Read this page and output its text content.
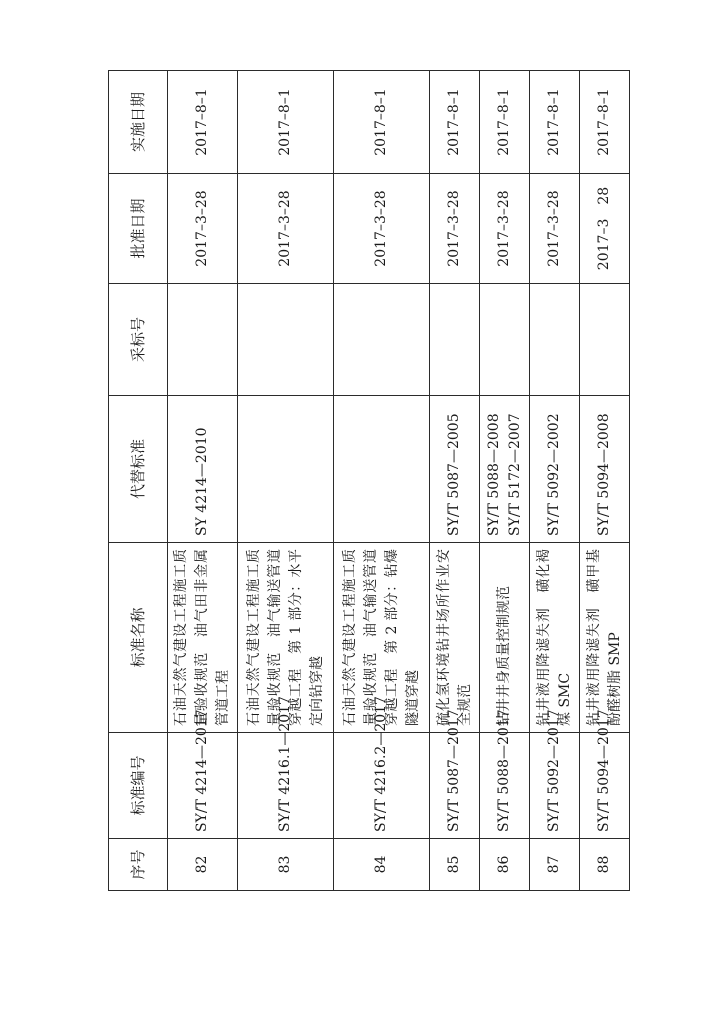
序号	标准编号	标准名称	代替标准	采标号	批准日期	实施日期
82	SY/T 4214—2017	石油天然气建设工程施工质量验收规范　油气田非金属管道工程	SY 4214—2010		2017–3–28	2017–8–1
83	SY/T 4216.1—2017	石油天然气建设工程施工质量验收规范　油气输送管道穿越工程　第 1 部分：水平定向钻穿越			2017–3–28	2017–8–1
84	SY/T 4216.2—2017	石油天然气建设工程施工质量验收规范　油气输送管道穿越工程　第 2 部分：钻爆隧道穿越			2017–3–28	2017–8–1
85	SY/T 5087—2017	硫化氢环境钻井场所作业安全规范	SY/T 5087—2005		2017–3–28	2017–8–1
86	SY/T 5088—2017	钻井井身质量控制规范	SY/T 5088—2008 SY/T 5172—2007		2017–3–28	2017–8–1
87	SY/T 5092—2017	钻井液用降滤失剂　磺化褐煤 SMC	SY/T 5092—2002		2017–3–28	2017–8–1
88	SY/T 5094—2017	钻井液用降滤失剂　磺甲基酚醛树脂 SMP	SY/T 5094—2008		2017–3　28	2017–8–1
